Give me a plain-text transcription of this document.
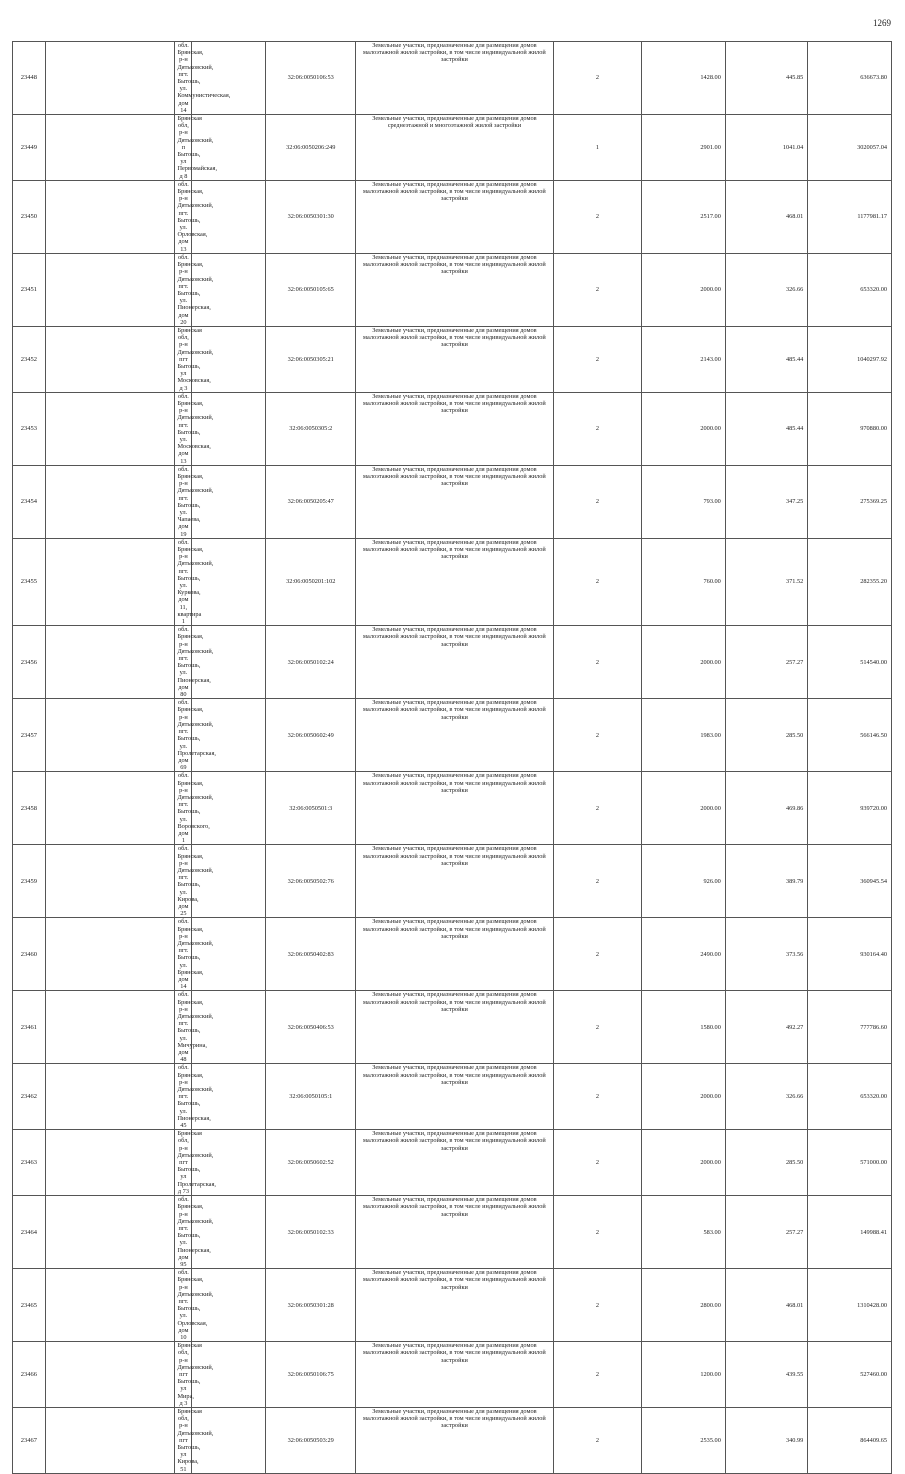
1269
23448		обл. Брянская, р-н Дятьковский, пгт. Бытошь, ул. Коммунистическая, дом 14		32:06:0050106:53	Земельные участки, предназначенные для размещения домов малоэтажной жилой застройки, в том числе индивидуальной жилой застройки	2	1428.00	445.85	636673.80
23449		Брянская обл, р-н Дятьковский, п Бытошь, ул Первомайская, д 8		32:06:0050206:249	Земельные участки, предназначенные для размещения домов среднеэтажной и многоэтажной жилой застройки	1	2901.00	1041.04	3020057.04
23450		обл. Брянская, р-н Дятьковский, пгт. Бытошь, ул. Орловская, дом 13		32:06:0050301:30	Земельные участки, предназначенные для размещения домов малоэтажной жилой застройки, в том числе индивидуальной жилой застройки	2	2517.00	468.01	1177981.17
23451		обл. Брянская, р-н Дятьковский, пгт. Бытошь, ул. Пионерская, дом 20		32:06:0050105:65	Земельные участки, предназначенные для размещения домов малоэтажной жилой застройки, в том числе индивидуальной жилой застройки	2	2000.00	326.66	653320.00
23452		Брянская обл, р-н Дятьковский, пгт Бытошь, ул Московская, д 3		32:06:0050305:21	Земельные участки, предназначенные для размещения домов малоэтажной жилой застройки, в том числе индивидуальной жилой застройки	2	2143.00	485.44	1040297.92
23453		обл. Брянская, р-н Дятьковский, пгт. Бытошь, ул. Московская, дом 13		32:06:0050305:2	Земельные участки, предназначенные для размещения домов малоэтажной жилой застройки, в том числе индивидуальной жилой застройки	2	2000.00	485.44	970880.00
23454		обл. Брянская, р-н Дятьковский, пгт. Бытошь, ул. Чапаева, дом 19		32:06:0050205:47	Земельные участки, предназначенные для размещения домов малоэтажной жилой застройки, в том числе индивидуальной жилой застройки	2	793.00	347.25	275369.25
23455		обл. Брянская, р-н Дятьковский, пгт. Бытошь, ул. Куркова, дом 11, квартира 1		32:06:0050201:102	Земельные участки, предназначенные для размещения домов малоэтажной жилой застройки, в том числе индивидуальной жилой застройки	2	760.00	371.52	282355.20
23456		обл. Брянская, р-н Дятьковский, пгт. Бытошь, ул. Пионерская, дом 80		32:06:0050102:24	Земельные участки, предназначенные для размещения домов малоэтажной жилой застройки, в том числе индивидуальной жилой застройки	2	2000.00	257.27	514540.00
23457		обл. Брянская, р-н Дятьковский, пгт. Бытошь, ул. Пролетарская, дом 69		32:06:0050602:49	Земельные участки, предназначенные для размещения домов малоэтажной жилой застройки, в том числе индивидуальной жилой застройки	2	1983.00	285.50	566146.50
23458		обл. Брянская, р-н Дятьковский, пгт. Бытошь, ул. Воровского, дом 1		32:06:0050501:3	Земельные участки, предназначенные для размещения домов малоэтажной жилой застройки, в том числе индивидуальной жилой застройки	2	2000.00	469.86	939720.00
23459		обл. Брянская, р-н Дятьковский, пгт. Бытошь, ул. Кирова, дом 25		32:06:0050502:76	Земельные участки, предназначенные для размещения домов малоэтажной жилой застройки, в том числе индивидуальной жилой застройки	2	926.00	389.79	360945.54
23460		обл. Брянская, р-н Дятьковский, пгт. Бытошь, ул. Брянская, дом 14		32:06:0050402:83	Земельные участки, предназначенные для размещения домов малоэтажной жилой застройки, в том числе индивидуальной жилой застройки	2	2490.00	373.56	930164.40
23461		обл. Брянская, р-н Дятьковский, пгт. Бытошь, ул. Мичурина, дом 48		32:06:0050406:53	Земельные участки, предназначенные для размещения домов малоэтажной жилой застройки, в том числе индивидуальной жилой застройки	2	1580.00	492.27	777786.60
23462		обл. Брянская, р-н Дятьковский, пгт. Бытошь, ул. Пионерская, 45		32:06:0050105:1	Земельные участки, предназначенные для размещения домов малоэтажной жилой застройки, в том числе индивидуальной жилой застройки	2	2000.00	326.66	653320.00
23463		Брянская обл, р-н Дятьковский, пгт Бытошь, ул Пролетарская, д 73		32:06:0050602:52	Земельные участки, предназначенные для размещения домов малоэтажной жилой застройки, в том числе индивидуальной жилой застройки	2	2000.00	285.50	571000.00
23464		обл. Брянская, р-н Дятьковский, пгт. Бытошь, ул. Пионерская, дом 95		32:06:0050102:33	Земельные участки, предназначенные для размещения домов малоэтажной жилой застройки, в том числе индивидуальной жилой застройки	2	583.00	257.27	149988.41
23465		обл. Брянская, р-н Дятьковский, пгт. Бытошь, ул. Орловская, дом 10		32:06:0050301:28	Земельные участки, предназначенные для размещения домов малоэтажной жилой застройки, в том числе индивидуальной жилой застройки	2	2800.00	468.01	1310428.00
23466		Брянская обл, р-н Дятьковский, пгт Бытошь, ул Мира, д 3		32:06:0050106:75	Земельные участки, предназначенные для размещения домов малоэтажной жилой застройки, в том числе индивидуальной жилой застройки	2	1200.00	439.55	527460.00
23467		Брянская обл, р-н Дятьковский, пгт Бытошь, ул Кирова, 51		32:06:0050503:29	Земельные участки, предназначенные для размещения домов малоэтажной жилой застройки, в том числе индивидуальной жилой застройки	2	2535.00	340.99	864409.65
